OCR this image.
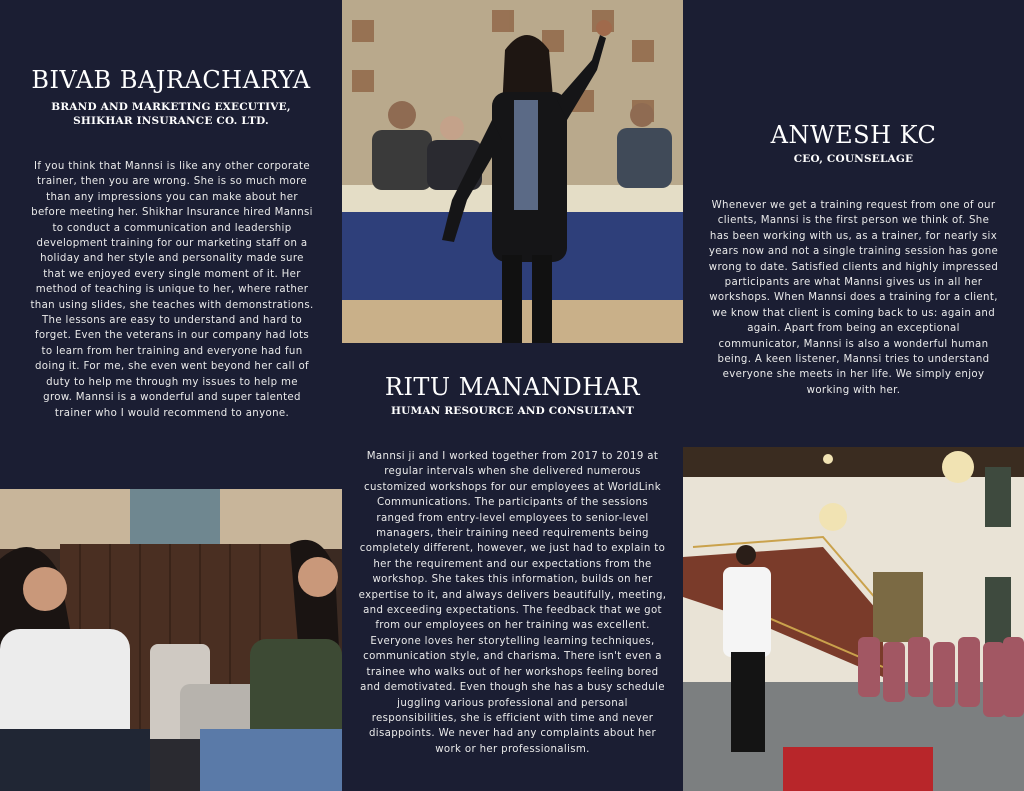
BIVAB BAJRACHARYA
BRAND AND MARKETING EXECUTIVE,
SHIKHAR INSURANCE CO. LTD.

If you think that Mannsi is like any other corporate trainer, then you are wrong. She is so much more than any impressions you can make about her before meeting her. Shikhar Insurance hired Mannsi to conduct a communication and leadership development training for our marketing staff on a holiday and her style and personality made sure that we enjoyed every single moment of it. Her method of teaching is unique to her, where rather than using slides, she teaches with demonstrations. The lessons are easy to understand and hard to forget. Even the veterans in our company had lots to learn from her training and everyone had fun doing it. For me, she even went beyond her call of duty to help me through my issues to help me grow. Mannsi is a wonderful and super talented trainer who I would recommend to anyone.

ANWESH KC
CEO, COUNSELAGE

Whenever we get a training request from one of our clients, Mannsi is the first person we think of. She has been working with us, as a trainer, for nearly six years now and not a single training session has gone wrong to date. Satisfied clients and highly impressed participants are what Mannsi gives us in all her workshops. When Mannsi does a training for a client, we know that client is coming back to us: again and again. Apart from being an exceptional communicator, Mannsi is also a wonderful human being. A keen listener, Mannsi tries to understand everyone she meets in her life. We simply enjoy working with her.

RITU MANANDHAR
HUMAN RESOURCE AND CONSULTANT

Mannsi ji and I worked together from 2017 to 2019 at regular intervals when she delivered numerous customized workshops for our employees at WorldLink Communications. The participants of the sessions ranged from entry-level employees to senior-level managers, their training need requirements being completely different, however, we just had to explain to her the requirement and our expectations from the workshop. She takes this information, builds on her expertise to it, and always delivers beautifully, meeting, and exceeding expectations. The feedback that we got from our employees on her training was excellent. Everyone loves her storytelling learning techniques, communication style, and charisma. There isn't even a trainee who walks out of her workshops feeling bored and demotivated. Even though she has a busy schedule juggling various professional and personal responsibilities, she is efficient with time and never disappoints. We never had any complaints about her work or her professionalism.
